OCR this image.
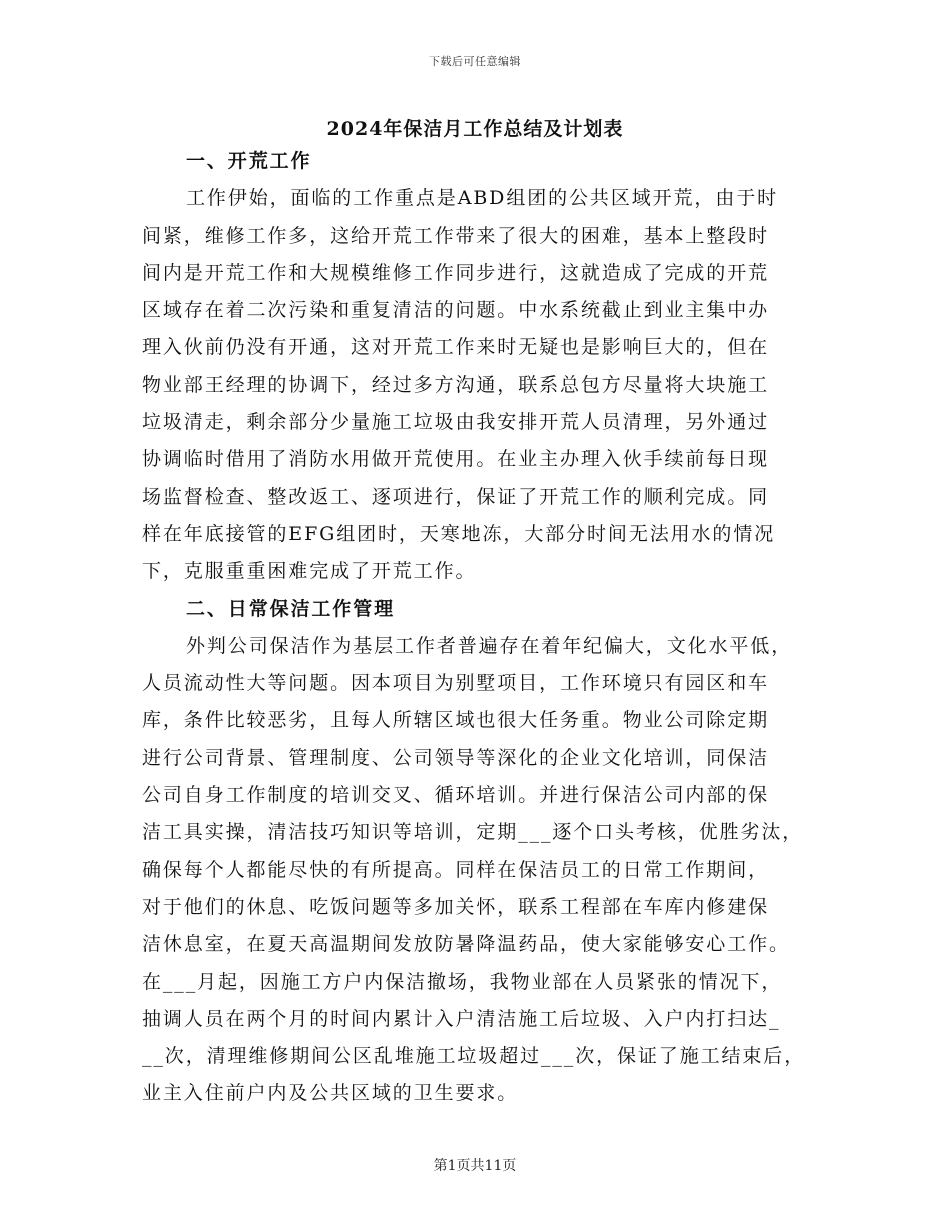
下载后可任意编辑
2024年保洁月工作总结及计划表
一、开荒工作
工作伊始，面临的工作重点是ABD组团的公共区域开荒，由于时
间紧，维修工作多，这给开荒工作带来了很大的困难，基本上整段时
间内是开荒工作和大规模维修工作同步进行，这就造成了完成的开荒
区域存在着二次污染和重复清洁的问题。中水系统截止到业主集中办
理入伙前仍没有开通，这对开荒工作来时无疑也是影响巨大的，但在
物业部王经理的协调下，经过多方沟通，联系总包方尽量将大块施工
垃圾清走，剩余部分少量施工垃圾由我安排开荒人员清理，另外通过
协调临时借用了消防水用做开荒使用。在业主办理入伙手续前每日现
场监督检查、整改返工、逐项进行，保证了开荒工作的顺利完成。同
样在年底接管的EFG组团时，天寒地冻，大部分时间无法用水的情况
下，克服重重困难完成了开荒工作。
二、日常保洁工作管理
外判公司保洁作为基层工作者普遍存在着年纪偏大，文化水平低，
人员流动性大等问题。因本项目为别墅项目，工作环境只有园区和车
库，条件比较恶劣，且每人所辖区域也很大任务重。物业公司除定期
进行公司背景、管理制度、公司领导等深化的企业文化培训，同保洁
公司自身工作制度的培训交叉、循环培训。并进行保洁公司内部的保
洁工具实操，清洁技巧知识等培训，定期___逐个口头考核，优胜劣汰，
确保每个人都能尽快的有所提高。同样在保洁员工的日常工作期间，
对于他们的休息、吃饭问题等多加关怀，联系工程部在车库内修建保
洁休息室，在夏天高温期间发放防暑降温药品，使大家能够安心工作。
在___月起，因施工方户内保洁撤场，我物业部在人员紧张的情况下，
抽调人员在两个月的时间内累计入户清洁施工后垃圾、入户内打扫达_
__次，清理维修期间公区乱堆施工垃圾超过___次，保证了施工结束后，
业主入住前户内及公共区域的卫生要求。
第1页共11页
